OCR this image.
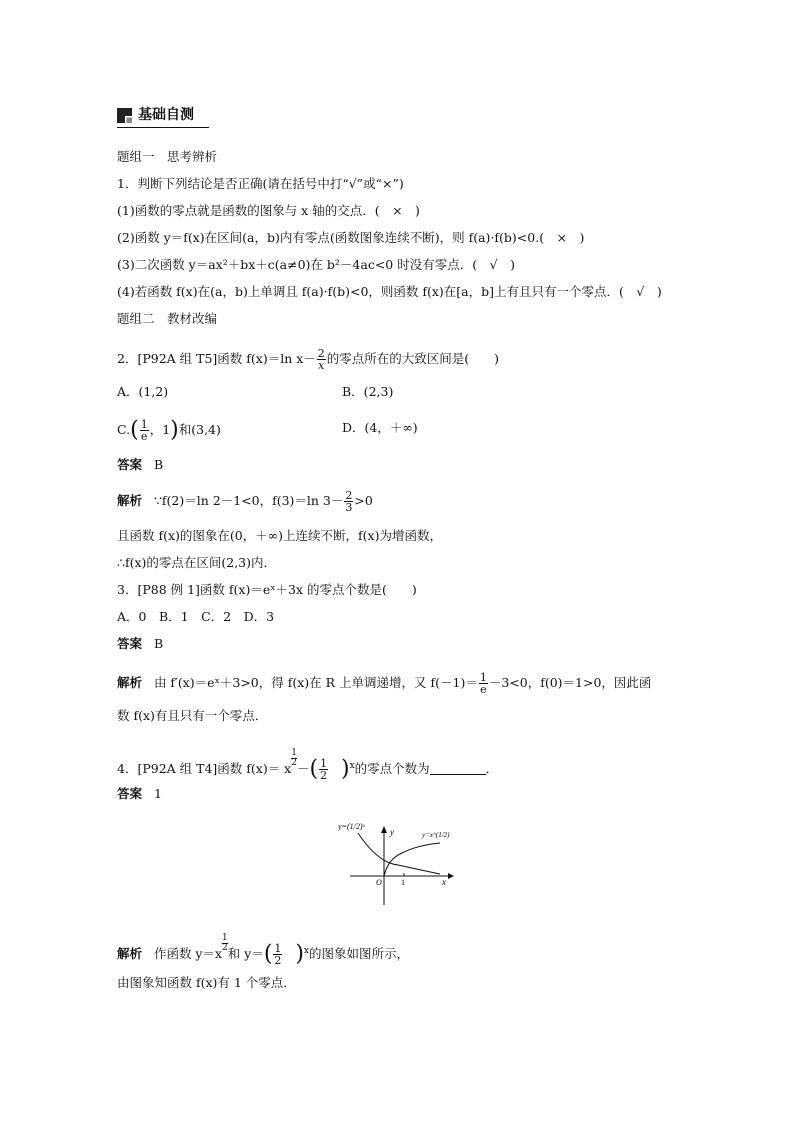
基础自测
题组一　思考辨析
1．判断下列结论是否正确(请在括号中打“√”或“×”)
(1)函数的零点就是函数的图象与 x 轴的交点．(　×　)
(2)函数 y＝f(x)在区间(a，b)内有零点(函数图象连续不断)，则 f(a)·f(b)<0.(　×　)
(3)二次函数 y＝ax²＋bx＋c(a≠0)在 b²－4ac<0 时没有零点．(　√　)
(4)若函数 f(x)在(a，b)上单调且 f(a)·f(b)<0，则函数 f(x)在[a，b]上有且只有一个零点．(　√　)
题组二　教材改编
2．[P92A 组 T5]函数 f(x)＝ln $x- \frac{2}{x}$ 的零点所在的大致区间是(　　)
A．(1,2)	B．(2,3)
$C.( \frac{1}{e}$ ，1)和(3,4)	D．(4，＋∞)
答案 B
解析 ∵f(2)＝ln 2－1<0，f(3)＝ln $3- \frac{2}{3} >0$
且函数 f(x)的图象在(0，＋∞)上连续不断，f(x)为增函数，
∴f(x)的零点在区间(2,3)内．
3．[P88 例 1]函数 f(x)＝eˣ＋3x 的零点个数是(　　)
A．0　B．1　C．2　D．3
答案 B
解析 由 f′(x)＝eˣ＋3>0，得 f(x)在 R 上单调递增，又 $f(-1)= \frac{1}{e} -3<0$，f(0)＝1>0，因此函
数 f(x)有且只有一个零点．
4．[P92A 组 T4]函数 f(x)＝ x
$\frac{1}{2}$
－( $\frac{1}{2} )^x$的零点个数为	．
答案 1
y=(1/2)ˣ
y	y=x^(1/2)
O 1	x
解析 作函数 y＝x
$\frac{1}{2}$
和 $y=( \frac{1}{2} )^x$的图象如图所示，
由图象知函数 f(x)有 1 个零点．
